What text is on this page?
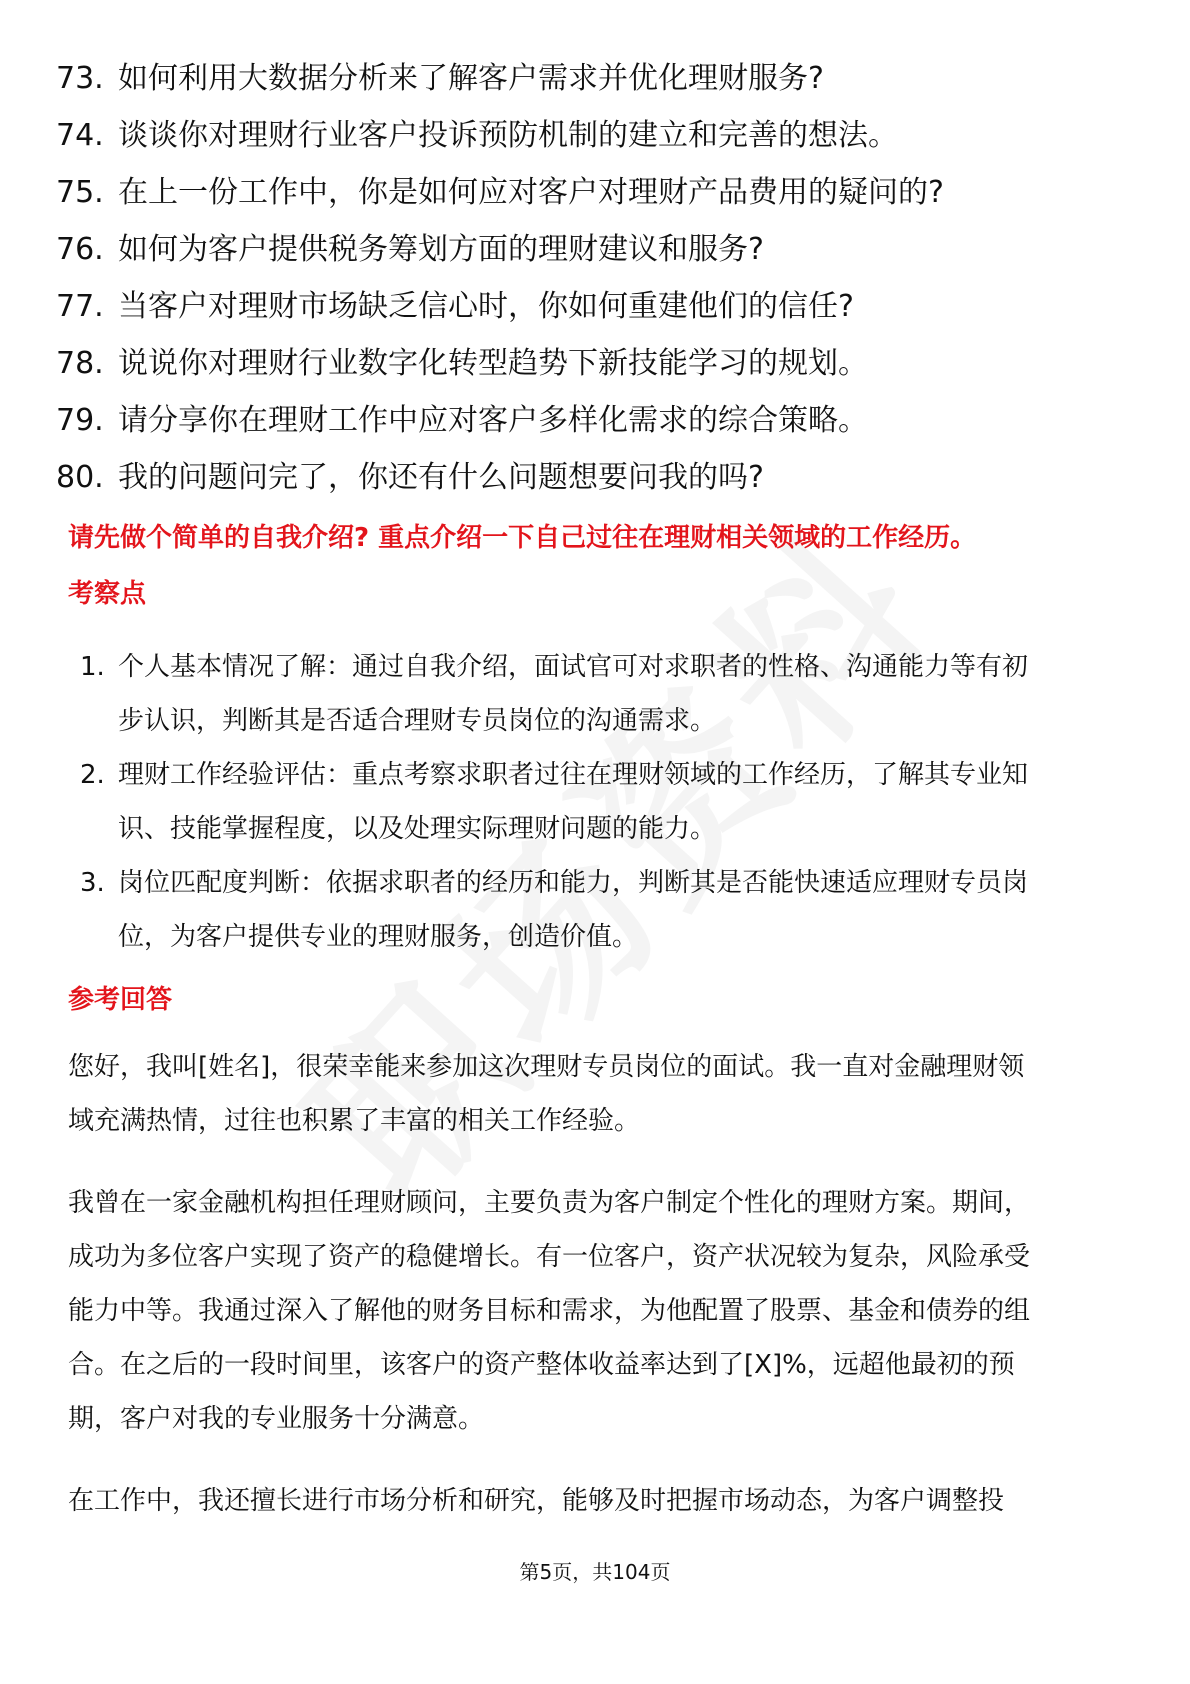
73. 如何利用大数据分析来了解客户需求并优化理财服务?
74. 谈谈你对理财行业客户投诉预防机制的建立和完善的想法。
75. 在上一份工作中，你是如何应对客户对理财产品费用的疑问的?
76. 如何为客户提供税务筹划方面的理财建议和服务?
77. 当客户对理财市场缺乏信心时，你如何重建他们的信任?
78. 说说你对理财行业数字化转型趋势下新技能学习的规划。
79. 请分享你在理财工作中应对客户多样化需求的综合策略。
80. 我的问题问完了，你还有什么问题想要问我的吗?
请先做个简单的自我介绍? 重点介绍一下自己过往在理财相关领域的工作经历。
考察点
1. 个人基本情况了解：通过自我介绍，面试官可对求职者的性格、沟通能力等有初步认识，判断其是否适合理财专员岗位的沟通需求。
2. 理财工作经验评估：重点考察求职者过往在理财领域的工作经历，了解其专业知识、技能掌握程度，以及处理实际理财问题的能力。
3. 岗位匹配度判断：依据求职者的经历和能力，判断其是否能快速适应理财专员岗位，为客户提供专业的理财服务，创造价值。
参考回答
您好，我叫[姓名]，很荣幸能来参加这次理财专员岗位的面试。我一直对金融理财领域充满热情，过往也积累了丰富的相关工作经验。
我曾在一家金融机构担任理财顾问，主要负责为客户制定个性化的理财方案。期间，成功为多位客户实现了资产的稳健增长。有一位客户，资产状况较为复杂，风险承受能力中等。我通过深入了解他的财务目标和需求，为他配置了股票、基金和债券的组合。在之后的一段时间里，该客户的资产整体收益率达到了[X]%，远超他最初的预期，客户对我的专业服务十分满意。
在工作中，我还擅长进行市场分析和研究，能够及时把握市场动态，为客户调整投
第5页，共104页
